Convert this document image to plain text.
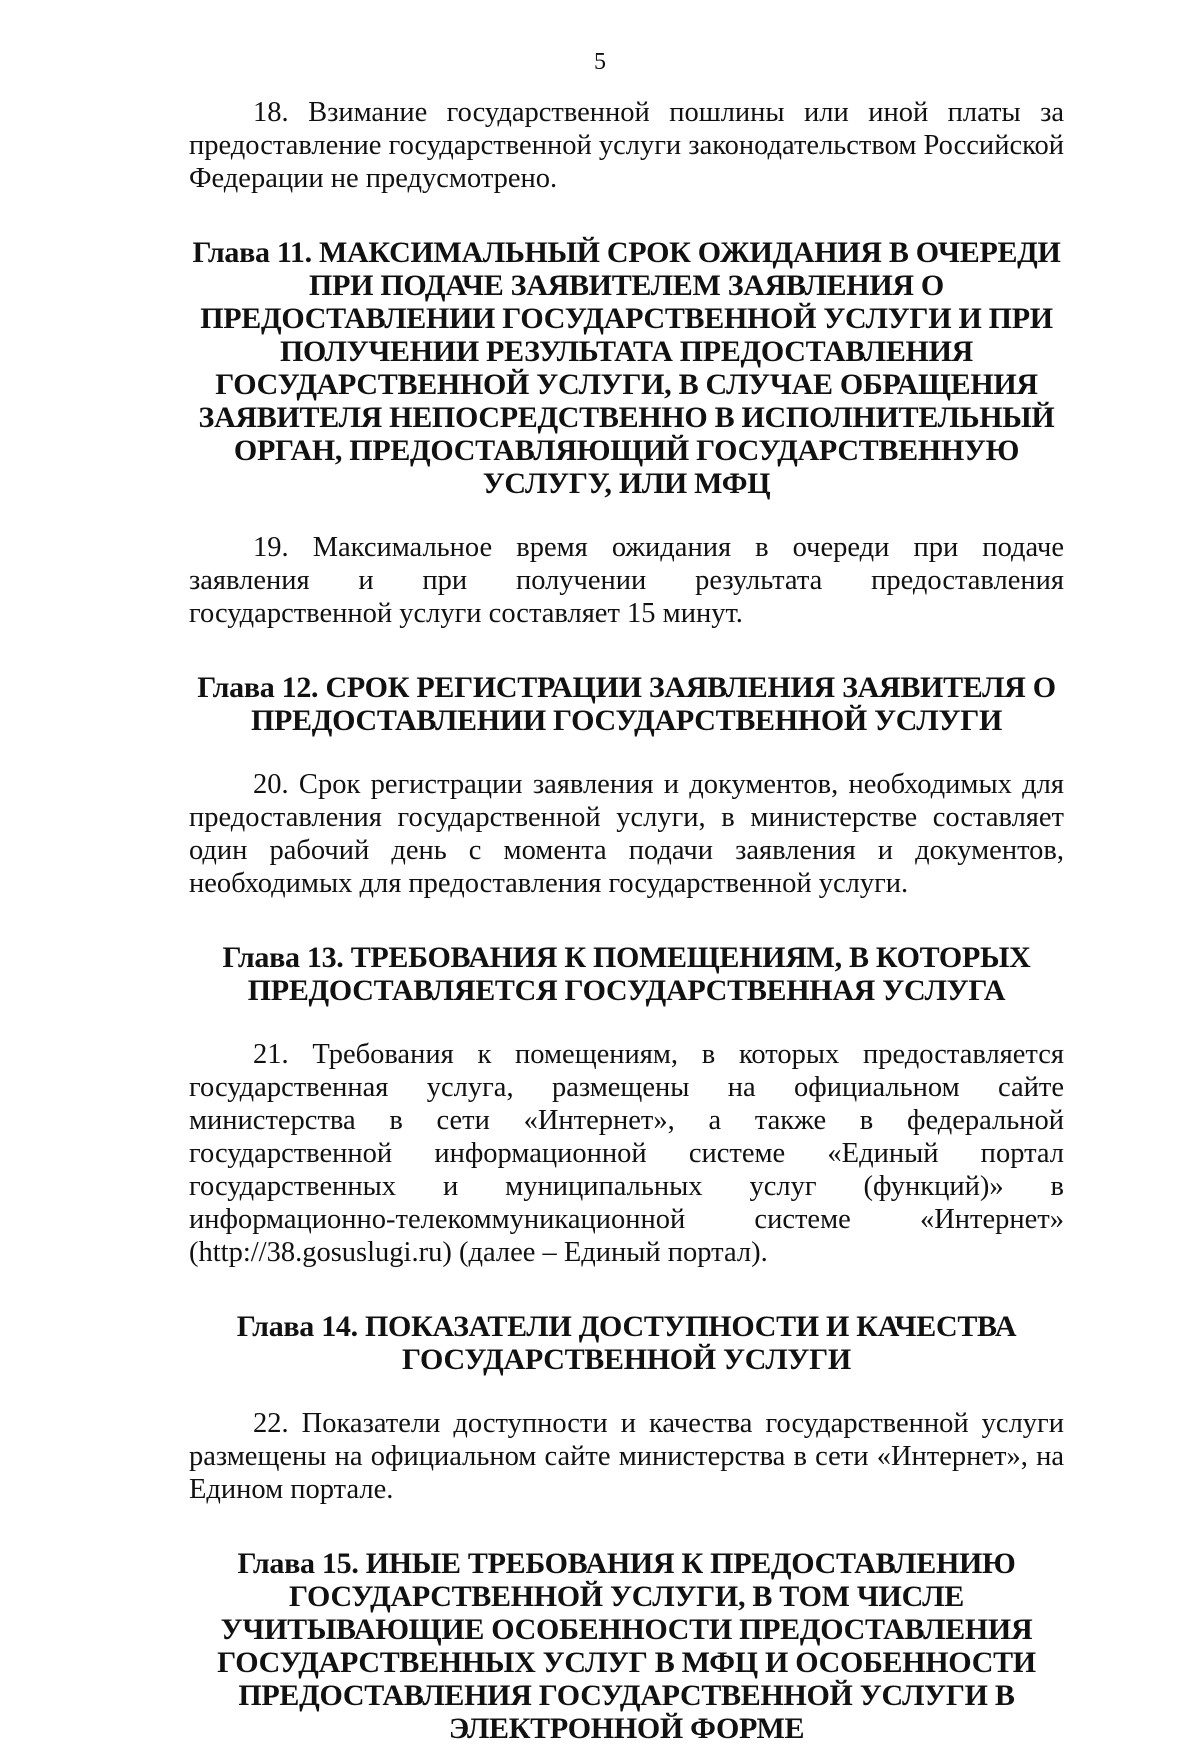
5

18. Взимание государственной пошлины или иной платы за предоставление государственной услуги законодательством Российской Федерации не предусмотрено.

Глава 11. МАКСИМАЛЬНЫЙ СРОК ОЖИДАНИЯ В ОЧЕРЕДИ ПРИ ПОДАЧЕ ЗАЯВИТЕЛЕМ ЗАЯВЛЕНИЯ О ПРЕДОСТАВЛЕНИИ ГОСУДАРСТВЕННОЙ УСЛУГИ И ПРИ ПОЛУЧЕНИИ РЕЗУЛЬТАТА ПРЕДОСТАВЛЕНИЯ ГОСУДАРСТВЕННОЙ УСЛУГИ, В СЛУЧАЕ ОБРАЩЕНИЯ ЗАЯВИТЕЛЯ НЕПОСРЕДСТВЕННО В ИСПОЛНИТЕЛЬНЫЙ ОРГАН, ПРЕДОСТАВЛЯЮЩИЙ ГОСУДАРСТВЕННУЮ УСЛУГУ, ИЛИ МФЦ

19. Максимальное время ожидания в очереди при подаче заявления и при получении результата предоставления государственной услуги составляет 15 минут.

Глава 12. СРОК РЕГИСТРАЦИИ ЗАЯВЛЕНИЯ ЗАЯВИТЕЛЯ О ПРЕДОСТАВЛЕНИИ ГОСУДАРСТВЕННОЙ УСЛУГИ

20. Срок регистрации заявления и документов, необходимых для предоставления государственной услуги, в министерстве составляет один рабочий день с момента подачи заявления и документов, необходимых для предоставления государственной услуги.

Глава 13. ТРЕБОВАНИЯ К ПОМЕЩЕНИЯМ, В КОТОРЫХ ПРЕДОСТАВЛЯЕТСЯ ГОСУДАРСТВЕННАЯ УСЛУГА

21. Требования к помещениям, в которых предоставляется государственная услуга, размещены на официальном сайте министерства в сети «Интернет», а также в федеральной государственной информационной системе «Единый портал государственных и муниципальных услуг (функций)» в информационно-телекоммуникационной системе «Интернет» (http://38.gosuslugi.ru) (далее – Единый портал).

Глава 14. ПОКАЗАТЕЛИ ДОСТУПНОСТИ И КАЧЕСТВА ГОСУДАРСТВЕННОЙ УСЛУГИ

22. Показатели доступности и качества государственной услуги размещены на официальном сайте министерства в сети «Интернет», на Едином портале.

Глава 15. ИНЫЕ ТРЕБОВАНИЯ К ПРЕДОСТАВЛЕНИЮ ГОСУДАРСТВЕННОЙ УСЛУГИ, В ТОМ ЧИСЛЕ УЧИТЫВАЮЩИЕ ОСОБЕННОСТИ ПРЕДОСТАВЛЕНИЯ ГОСУДАРСТВЕННЫХ УСЛУГ В МФЦ И ОСОБЕННОСТИ ПРЕДОСТАВЛЕНИЯ ГОСУДАРСТВЕННОЙ УСЛУГИ В ЭЛЕКТРОННОЙ ФОРМЕ
